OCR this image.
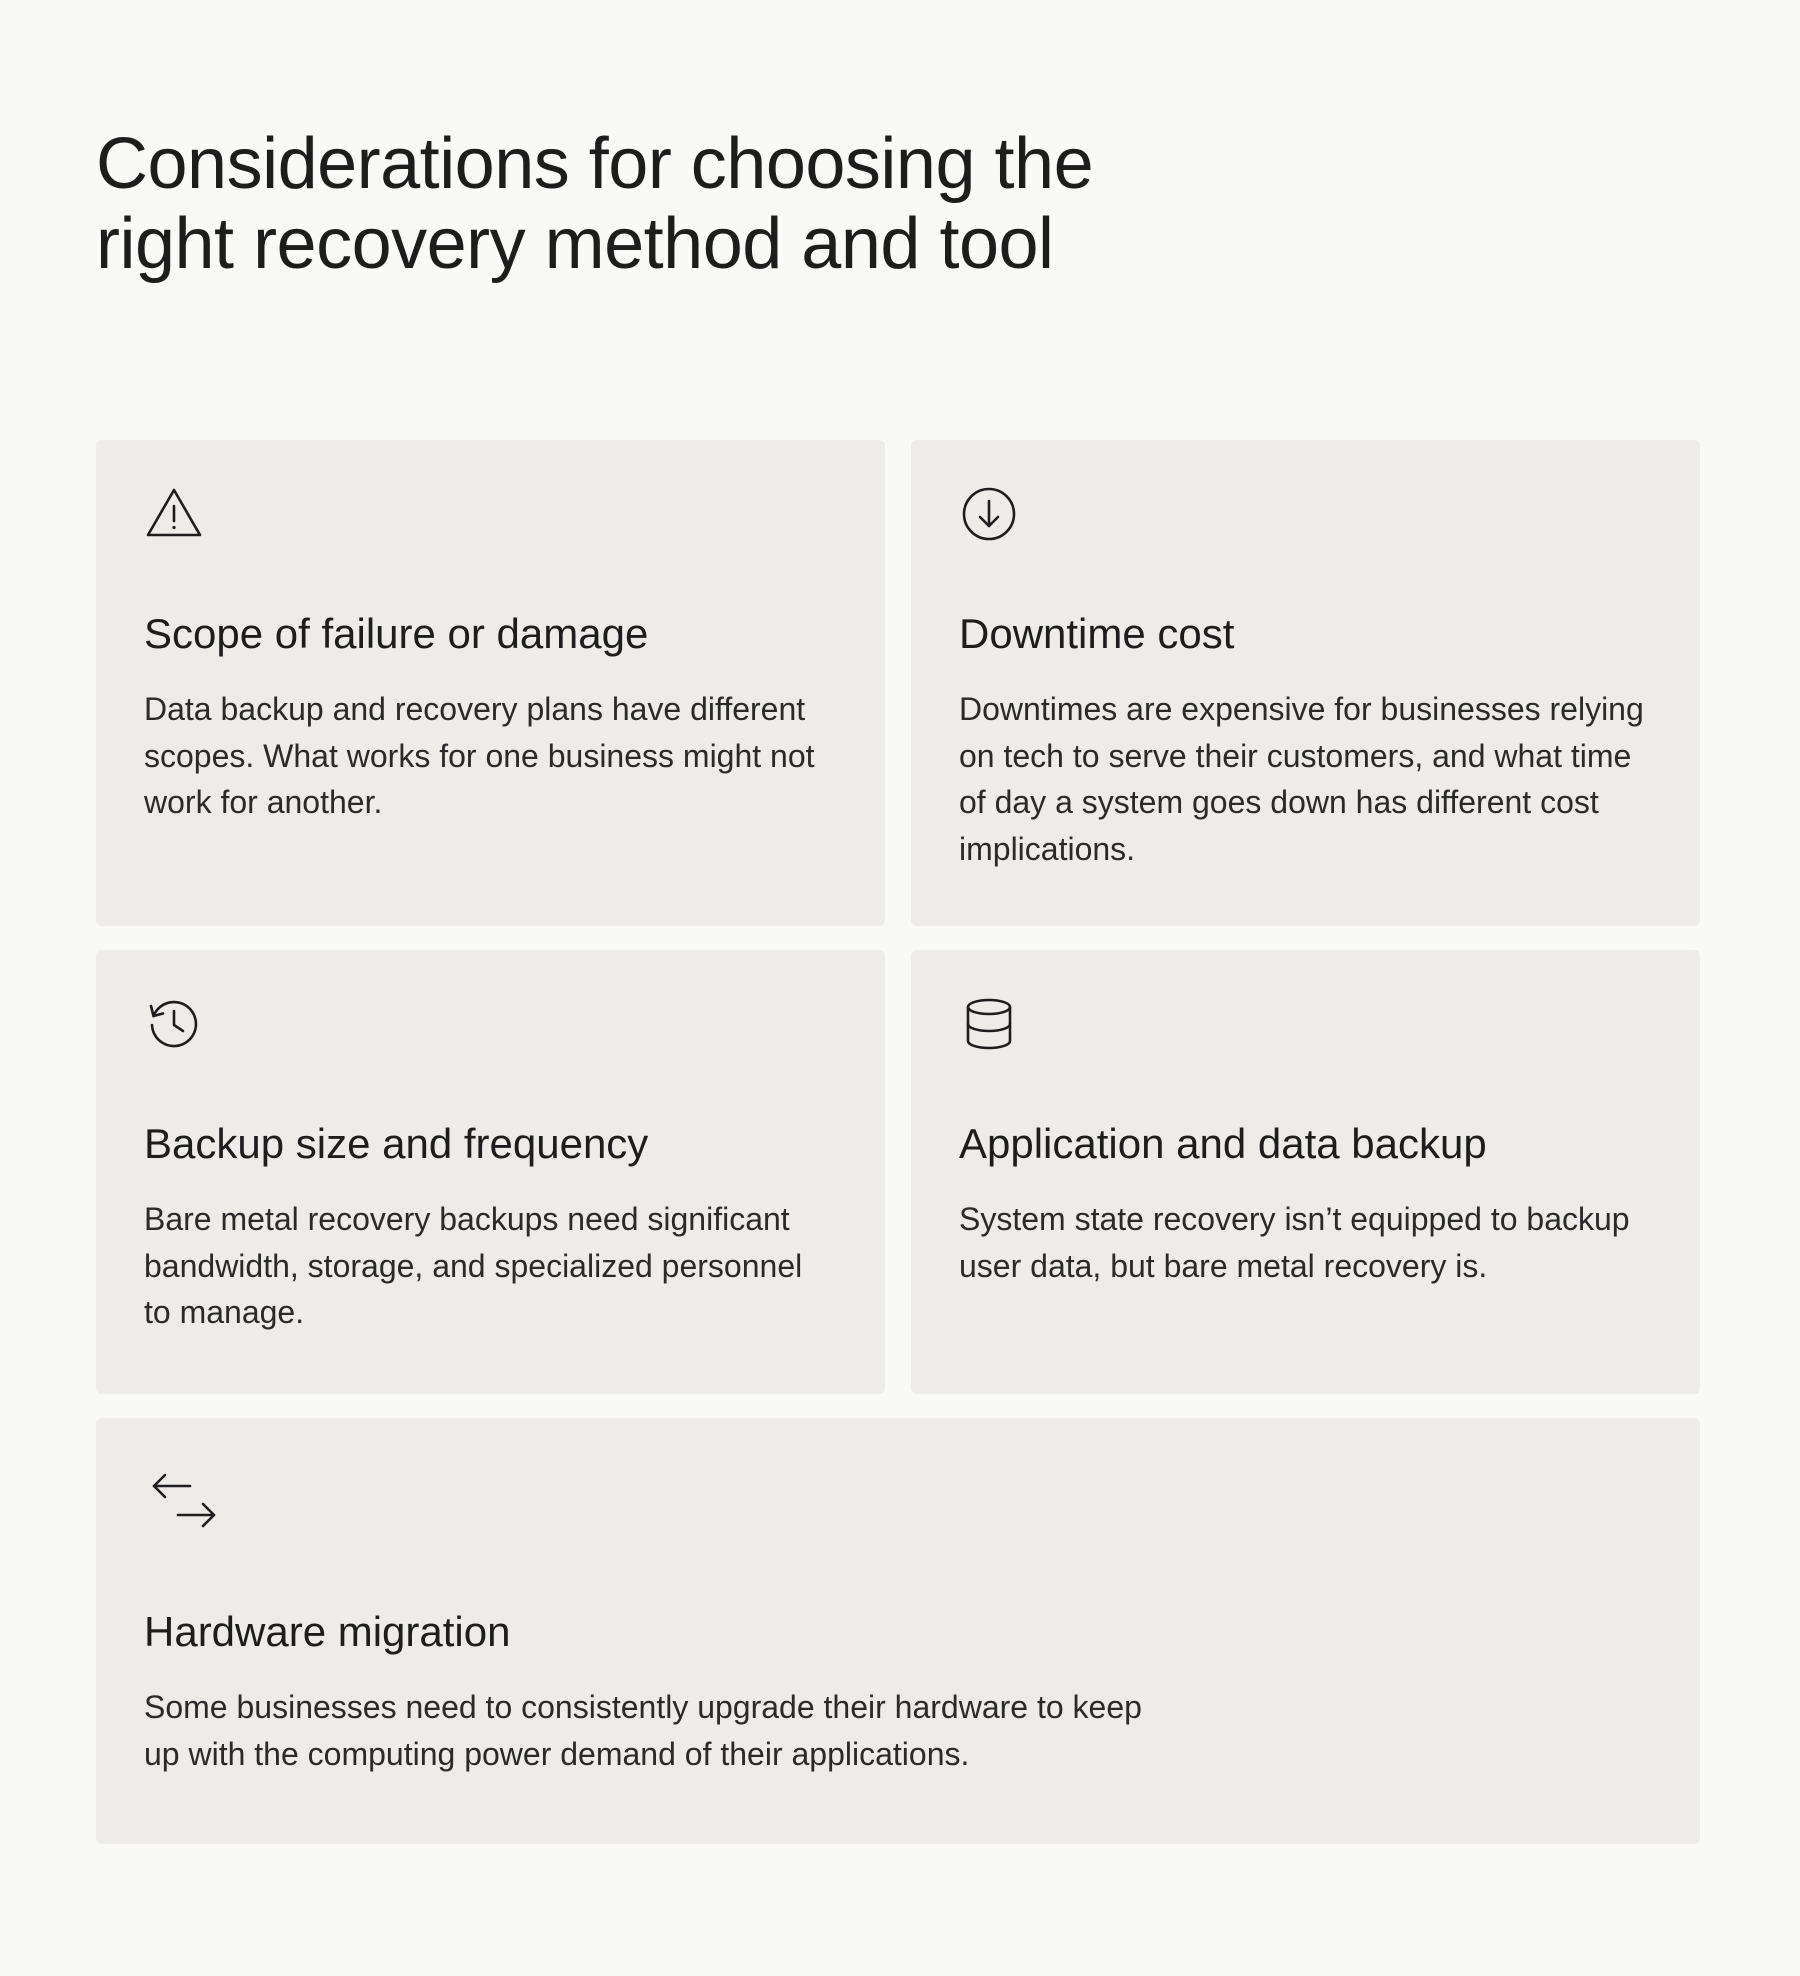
Considerations for choosing the right recovery method and tool
Scope of failure or damage

Data backup and recovery plans have different scopes. What works for one business might not work for another.

Downtime cost

Downtimes are expensive for businesses relying on tech to serve their customers, and what time of day a system goes down has different cost implications.

Backup size and frequency

Bare metal recovery backups need significant bandwidth, storage, and specialized personnel to manage.

Application and data backup

System state recovery isn’t equipped to backup user data, but bare metal recovery is.

Hardware migration

Some businesses need to consistently upgrade their hardware to keep up with the computing power demand of their applications.
